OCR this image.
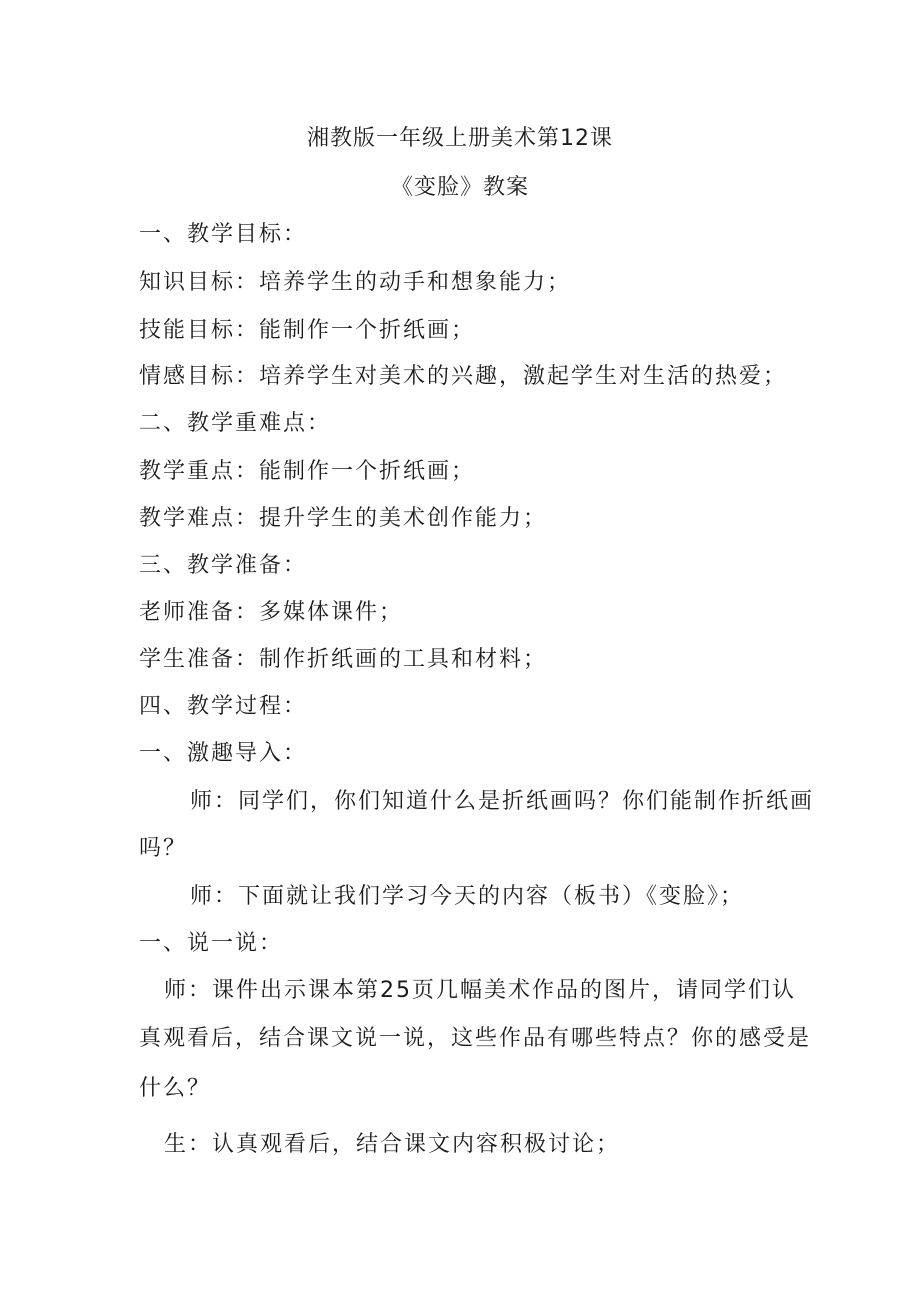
湘教版一年级上册美术第12课
《变脸》教案
一、教学目标：
知识目标：培养学生的动手和想象能力；
技能目标：能制作一个折纸画；
情感目标：培养学生对美术的兴趣，激起学生对生活的热爱；
二、教学重难点：
教学重点：能制作一个折纸画；
教学难点：提升学生的美术创作能力；
三、教学准备：
老师准备：多媒体课件；
学生准备：制作折纸画的工具和材料；
四、教学过程：
一、激趣导入：
师：同学们，你们知道什么是折纸画吗？你们能制作折纸画
吗？
师：下面就让我们学习今天的内容（板书）《变脸》；
一、说一说：
师：课件出示课本第25页几幅美术作品的图片，请同学们认
真观看后，结合课文说一说，这些作品有哪些特点？你的感受是
什么？
生：认真观看后，结合课文内容积极讨论；
